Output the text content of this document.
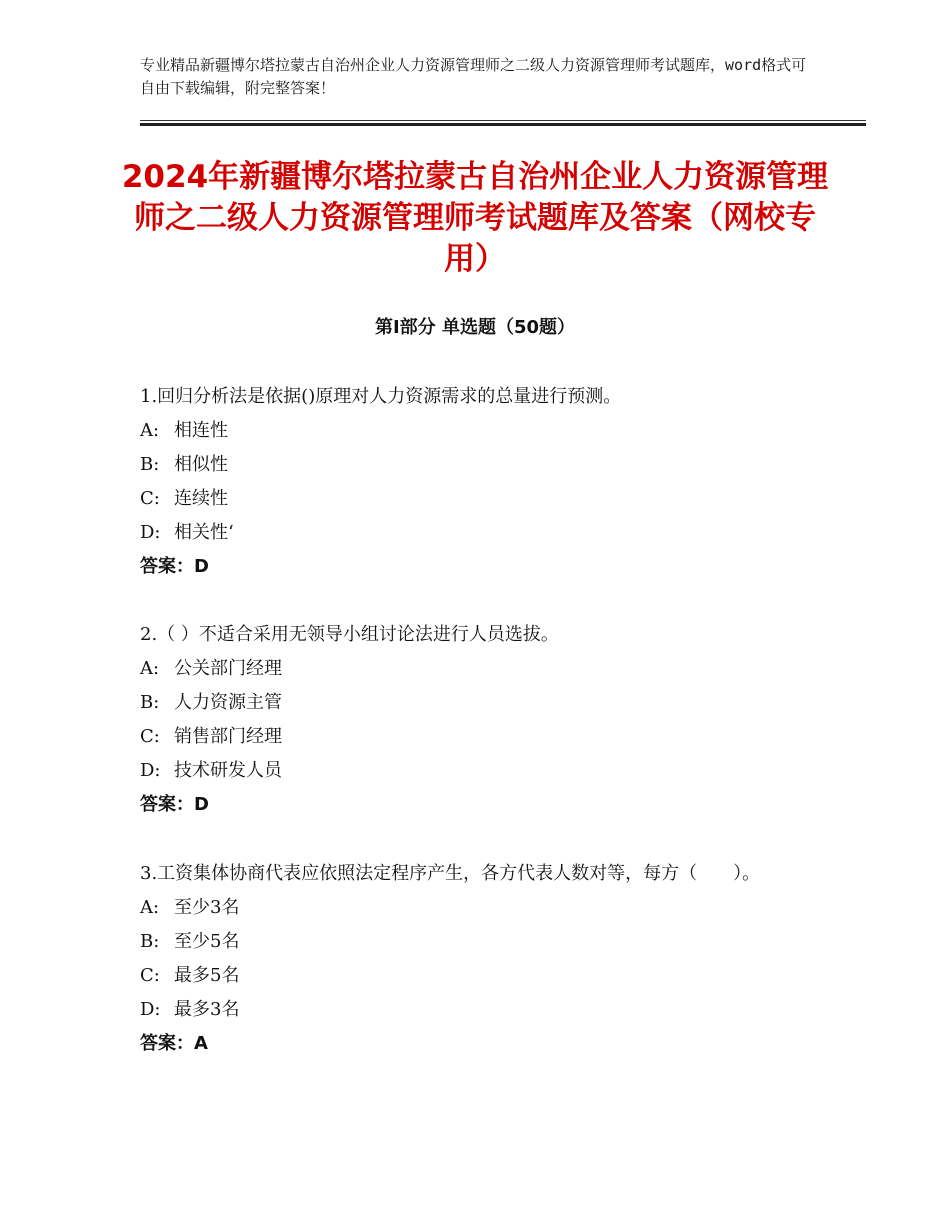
专业精品新疆博尔塔拉蒙古自治州企业人力资源管理师之二级人力资源管理师考试题库，word格式可自由下载编辑，附完整答案！
2024年新疆博尔塔拉蒙古自治州企业人力资源管理师之二级人力资源管理师考试题库及答案（网校专用）
第Ⅰ部分 单选题（50题）

1.回归分析法是依据()原理对人力资源需求的总量进行预测。

A: 相连性

B: 相似性

C: 连续性

D: 相关性‘

答案：D

2.（ ）不适合采用无领导小组讨论法进行人员选拔。

A: 公关部门经理

B: 人力资源主管

C: 销售部门经理

D: 技术研发人员

答案：D

3.工资集体协商代表应依照法定程序产生，各方代表人数对等，每方（　　）。

A: 至少3名

B: 至少5名

C: 最多5名

D: 最多3名

答案：A
